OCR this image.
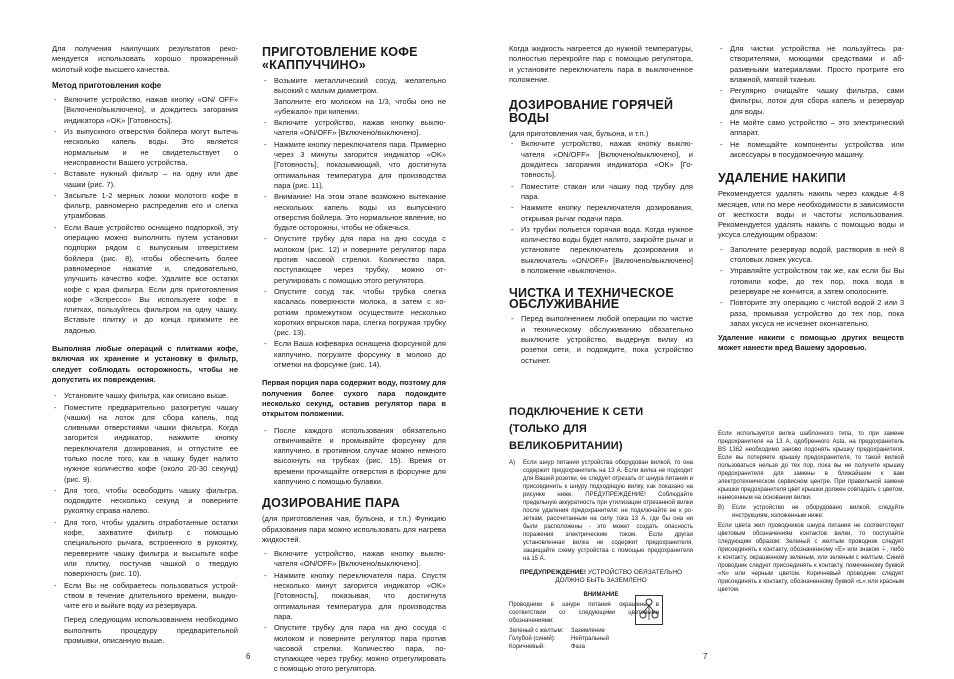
Для получения наилучших результатов рекомендуется использовать хорошо прожаренный молотый кофе высшего качества.

Метод приготовления кофе
- Включите устройство, нажав кнопку «ON/ OFF» [Включено/выключено], и дождитесь загорания индикатора «OK» [Готовность].
- Из выпускного отверстия бойлера могут вытечь несколько капель воды. Это является нормальным и не свидетельствует о неисправности Вашего устройства.
- Вставьте нужный фильтр – на одну или две чашки (рис. 7).
- Засыпьте 1-2 мерных ложки молотого кофе в фильтр, равномерно распределив его и слегка утрамбовав.
- Если Ваше устройство оснащено подпоркой, эту операцию можно выполнить путем установки подпорки рядом с выпускным отверстием бойлера (рис. 8), чтобы обеспечить более равномерное нажатие и, следовательно, улучшить качество кофе. Удалите все остатки кофе с края фильтра. Если для приготовления кофе «Эспрессо» Вы используете кофе в плитках, пользуйтесь фильтром на одну чашку. Вставьте плитку и до конца прижмите ее ладонью.

Выполняя любые операций с плитками кофе, включая их хранение и установку в фильтр, следует соблюдать осторожность, чтобы не допустить их повреждения.

- Установите чашку фильтра, как описано выше.
- Поместите предварительно разогретую чашку (чашки) на лоток для сбора капель, под сливными отверстиями чашки фильтра. Когда загорится индикатор, нажмите кнопку переключателя дозирования, и отпустите ее только после того, как в чашку будет налито нужное количество кофе (около 20-30 секунд) (рис. 9).
- Для того, чтобы освободить чашку фильтра, подождите несколько секунд и поверните рукоятку справа налево.
- Для того, чтобы удалить отработанные остатки кофе, захватите фильтр с помощью специального рычага, встроенного в рукоятку, переверните чашку фильтра и выcыпьте кофе или плитку, постучав чашкой о твердую поверхность (рис. 10).
- Если Вы не собираетесь пользоваться устройством в течение длительного времени, выкдючите его и выйьте воду из резервуара.

Перед следующим использованием необходимо выполнить процедуру предварительной промывки, описанную выше.

6
ПРИГОТОВЛЕНИЕ КОФЕ «КАППУЧЧИНО»
- Возьмите металлический сосуд, желательно высокий с малым диаметром.
Заполните его молоком на 1/3, чтобы оно не «убежало» при кипении.
- Включите устройство, нажав кнопку выключателя «ON/OFF» [Включено/выключено].
- Нажмите кнопку переключателя пара. Примерно через 3 минуты загорится индикатор «OK» [Готовность], показывающий, что достигнута оптимальная температура для производства пара (рис. 11).
- Внимание! На этом этапе возможно вытекание нескольких капель воды из выпускного отверстия бойлера. Это нормальное явление, но будьте осторожны, чтобы не обжечься.
- Опустите трубку для пара на дно сосуда с молоком (рис. 12) и поверните регулятор пара против часовой стрелки. Количество пара, поступающее через трубку, можно отрегулировать с помощью этого регулятора.
- Опустите сосуд так, чтобы трубка слегка касалась поверхности молока, а затем с коротким промежутком осуществите несколько коротких впрысков пара, слегка погружая трубку (рис. 13).
- Если Ваша кофеварка оснащена форсункой для каппучино, погрузите форсунку в молоко до отметки на форсунке (рис. 14).

Первая порция пара содержит воду, позтому для получения более сухого пара подождите несколько секунд, оставив регулятор пара в открытом положении.

- После каждого использования обязательно отвинчивайте и промывайте форсунку для каппучино, в противном случае можно немного высохнуть на трубках (рис. 15). Время от времени прочищайте отверстия в форсунке для каппучино с помощью булавки.
ДОЗИРОВАНИЕ ПАРА

(для приготовления чая, бульона, и т.п.) Функцию образования пара можно использовать для нагрева жидкостей.

- Включите устройство, нажав кнопку выключателя «ON/OFF» [Включено/выключено].
- Нажмите кнопку переключателя пара. Спустя несколько минут загорится индикатор «OK» [Готовность], показывая, что достигнута оптимальная температура для производства пара.
- Опустите трубку для пара на дно сосуда с молоком и поверните регулятор пара против часовой стрелки. Количество пара, поступающее через трубку, можно отрегулировать с помощью этого регулятора.

Когда жидкость нагреется до нужной температуры, полностью перекройте пар с помощью регулятора, и установите переключатель пара в выключенное положение.

ДОЗИРОВАНИЕ ГОРЯЧЕЙ ВОДЫ

(для приготовления чая, бульона, и т.п.)

- Включите устройство, нажав кнопку выключателя «ON/OFF» [Включено/выключено], и дождитесь загорания индикатора «OK» [Готовность].
- Поместите стакан или чашку под трубку для пара.
- Нажмите кнопку переключателя дозирования, открывая рычаг подачи пара.
- Из трубки польется горячая вода. Когда нужное количество воды будет налито, закройте рычаг и установите переключатель дозирования и выключатель «ON/OFF» [Включено/выключено] в положение «выключено».
ЧИСТКА И ТЕХНИЧЕСКОЕ ОБСЛУЖИВАНИЕ
- Перед выполнением любой операции по чистке и техническому обслуживанию обязательно выключите устройство, выдернув вилку из розетки сети, и подождите, пока устройство остынет.
ПОДКЛЮЧЕНИЕ К СЕТИ (ТОЛЬКО ДЛЯ ВЕЛИКОБРИТАНИИ)
A) Если шнур питания устройства оборудован вилкой, то она содержит предохранитель на 13 А. Если вилка не подходит для Вашей розетки, ее следует отрезать от шнура питания и присоединить к шнуру подходящую вилку, как показано на рисунке ниже. ПРЕДУПРЕЖДЕНИЕ! Соблюдайте предельную аккуратность при утилизации отрезанной вилки после удаления предохранителя: не подключайте ее к розеткам, рассчитанным на силу тока 13 А, где бы она ни были расположены - это может создать опасность поражения электрическим током. Если другая установленная вилка не содержит предохранителя, защищайте схему устройства с помощью предохранителя на 15 А.

ПРЕДУПРЕЖДЕНИЕ! УСТРОЙСТВО ОБЯЗАТЕЛЬНО ДОЛЖНО БЫТЬ ЗАЗЕМЛЕНО

ВНИМАНИЕ

Проводники в шнуре питания окрашены в соответствии со следующими цветовыми обозначениями:

Зеленый с желтым: Заземление
Голубой (синий):	Нейтральный
Коричневый:	Фаза
7
- Для чистки устройства не пользуйтесь растворителями, моющими средствами и абразивными материалами. Просто протрите его влажной, мягкой тканью.
- Регулярно очищайте чашку фильтра, сами фильтры, лоток для сбора капель и резервуар для воды.
- Не мойте само устройство – это электрический аппарат.
- Не помещайте компоненты устройства или аксессуары в посудомоечную машину.
УДАЛЕНИЕ НАКИПИ

Рекомендуется удалять накипь через каждые 4-8 месяцев, или по мере необходимости в зависимости от жесткости воды и частоты использования. Рекомендуется удалять накипь с помощью воды и уксуса следующим образом:

- Заполните резервуар водой, растворив в ней 8 столовых ложек уксуса.
- Управляйте устройством так же, как если бы Вы готовили кофе, до тех пор, пока вода в резервуаре не кончится, а затем ополосните.
- Повторите эту операцию с чистой водой 2 или 3 раза, промывая устройство до тех пор, пока запах уксуса не исчезнет окончательно.

Удаление накипи с помощью других веществ может нанести вред Вашему здоровью.

Если используется вилка шаблонного типа, то при замене предохранителя на 13 А, одобренного Asta, на предохранитель BS 1362 необходимо заново подонять крышку предохранителя. Если вы потеряете крышку предохранителя, то такой вилкой пользоваться нельзя до тех пор, пока вы не получите крышку предохранителя для замены в ближайшем к вам электротехническом сервисном центре. При правильной замене крышки предохранителя цвет крышки должен совпадать с цветом, нанесенным на основании вилки.

B) Если устройство не оборудовано вилкой, следуйте инструкциям, изложенным ниже:

Если цвета жил проводников шнура питания не соответствуют цветовым обозначениям контактов вилки, то поступайте следующим образом: Зеленый с желтым проводник следует присоединять к контакту, обозначенному «E» или знаком ⏚, либо к контакту, окрашенному зеленым, или зеленым с желтым. Синий проводник следует присоединять к контакту, помеченному буквой «N» или черным цветом. Коричневый проводник следует присоединять к контакту, обозначенному буквой «L» или красным цветом.
